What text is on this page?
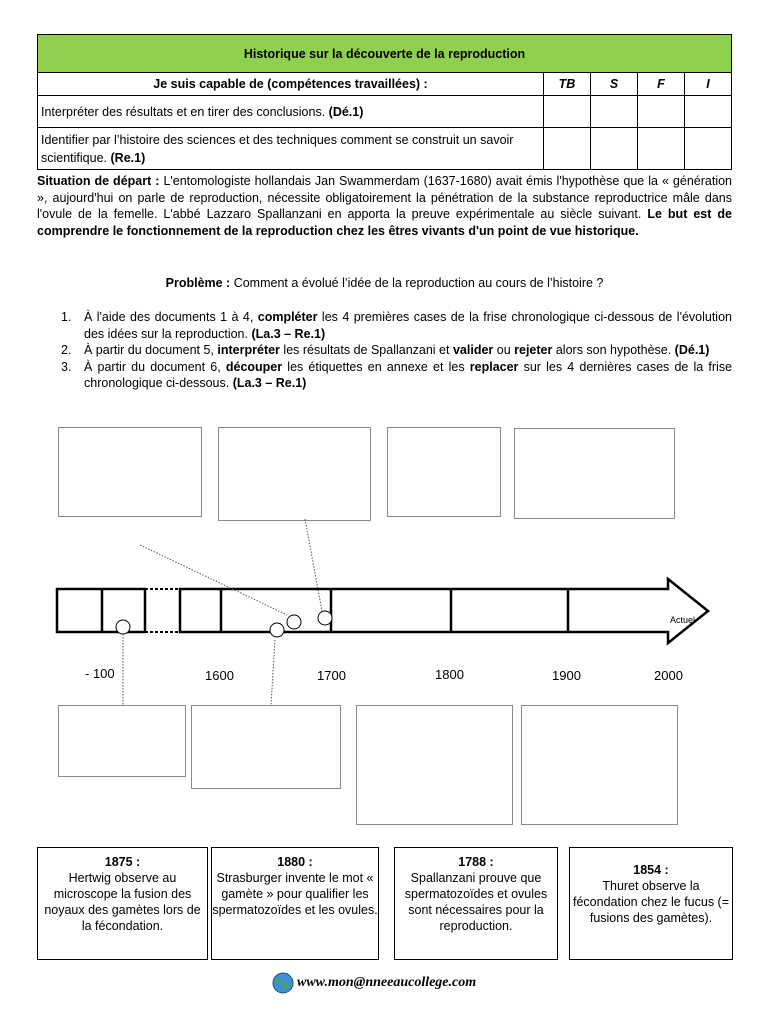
Historique sur la découverte de la reproduction				
Je suis capable de (compétences travaillées) :	TB	S	F	I
Interpréter des résultats et en tirer des conclusions. (Dé.1)				
Identifier par l’histoire des sciences et des techniques comment se construit un savoir scientifique. (Re.1)				
Situation de départ : L'entomologiste hollandais Jan Swammerdam (1637-1680) avait émis l'hypothèse que la « génération », aujourd'hui on parle de reproduction, nécessite obligatoirement la pénétration de la substance reproductrice mâle dans l'ovule de la femelle. L'abbé Lazzaro Spallanzani en apporta la preuve expérimentale au siècle suivant. Le but est de comprendre le fonctionnement de la reproduction chez les êtres vivants d'un point de vue historique.
Problème : Comment a évolué l’idée de la reproduction au cours de l’histoire ?
1. À l'aide des documents 1 à 4, compléter les 4 premières cases de la frise chronologique ci-dessous de l'évolution des idées sur la reproduction. (La.3 – Re.1)
2. À partir du document 5, interpréter les résultats de Spallanzani et valider ou rejeter alors son hypothèse. (Dé.1)
3. À partir du document 6, découper les étiquettes en annexe et les replacer sur les 4 dernières cases de la frise chronologique ci-dessous. (La.3 – Re.1)
Actuel
- 100	1600	1700	1800	1900	2000
1875 :
Hertwig observe au microscope la fusion des noyaux des gamètes lors de la fécondation.
1880 :
Strasburger invente le mot « gamète » pour qualifier les spermatozoïdes et les ovules.
1788 :
Spallanzani prouve que spermatozoïdes et ovules sont nécessaires pour la reproduction.
1854 :
Thuret observe la fécondation chez le fucus (= fusions des gamètes).
www.mon@nneeaucollege.com
